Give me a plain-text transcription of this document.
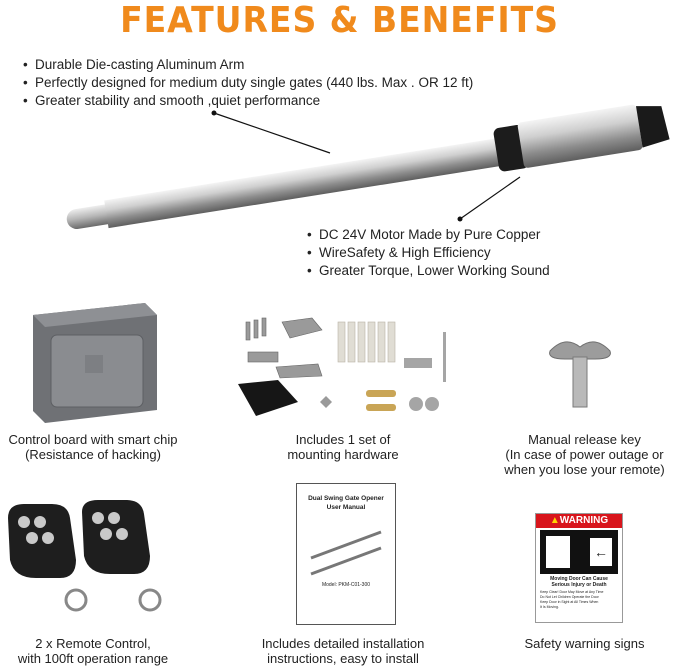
FEATURES & BENEFITS
• Durable Die-casting Aluminum Arm
• Perfectly designed for medium duty single gates (440 lbs. Max . OR 12 ft)
• Greater stability and smooth ,quiet performance
• DC 24V Motor Made by Pure Copper
• WireSafety & High Efficiency
• Greater Torque, Lower Working Sound
Dual Swing Gate Opener
User Manual
Model: PKM-C01-300
▲WARNING
←
Moving Door Can Cause
Serious Injury or Death
Keep Clear! Door May Move at Any Time
Do Not Let Children Operate the Door
Keep Door in Sight at All Times When
It Is Moving.
Control board with smart chip
(Resistance of hacking)
Includes 1 set of
mounting hardware
Manual release key
(In case of power outage or
when you lose your remote)
2 x Remote Control,
with 100ft operation range
Includes detailed installation
instructions, easy to install
Safety warning signs
